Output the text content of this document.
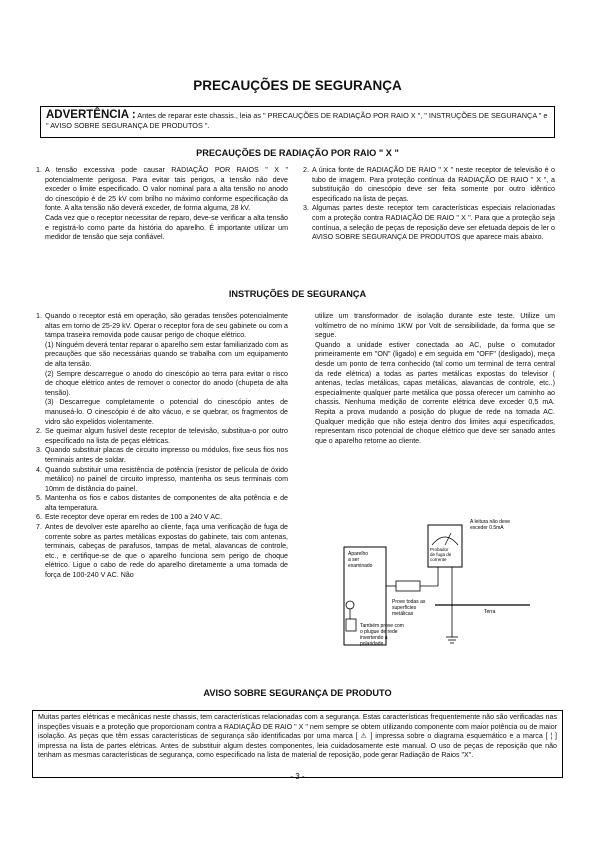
PRECAUÇÕES DE SEGURANÇA
ADVERTÊNCIA : Antes de reparar este chassis., leia as " PRECAUÇÕES DE RADIAÇÃO POR RAIO X ", " INSTRUÇÕES DE SEGURANÇA " e " AVISO SOBRE SEGURANÇA DE PRODUTOS ".
PRECAUÇÕES DE RADIAÇÃO POR RAIO " X "
1. A tensão excessiva pode causar RADIAÇÃO POR RAIOS " X " potencialmente perigosa. Para evitar tais perigos, a tensão não deve exceder o limite especificado. O valor nominal para a alta tensão no anodo do cinescópio é de 25 kV com brilho no máximo conforme especificação da fonte. A alta tensão não deverá exceder, de forma alguma, 28 kV.
Cada vez que o receptor necessitar de reparo, deve-se verificar a alta tensão e registrá-lo como parte da história do aparelho. É importante utilizar um medidor de tensão que seja confiável.
2. A única fonte de RADIAÇÃO DE RAIO " X " neste receptor de televisão é o tubo de imagem. Para proteção contínua da RADIAÇÃO DE RAIO " X ", a substituição do cinescópio deve ser feita somente por outro idêntico especificado na lista de peças.
3. Algumas partes deste receptor tem características especiais relacionadas com a proteção contra RADIAÇÃO DE RAIO " X ". Para que a proteção seja contínua, a seleção de peças de reposição deve ser efetuada depois de ler o AVISO SOBRE SEGURANÇA DE PRODUTOS que aparece mais abaixo.
INSTRUÇÕES DE SEGURANÇA
1. Quando o receptor está em operação, são geradas tensões potencialmente altas em torno de 25-29 kV. Operar o receptor fora de seu gabinete ou com a tampa traseira removida pode causar perigo de choque elétrico.
(1) Ninguém deverá tentar reparar o aparelho sem estar familiarizado com as precauções que são necessárias quando se trabalha com um equipamento de alta tensão.
(2) Sempre descarregue o anodo do cinescópio ao terra para evitar o risco de choque elétrico antes de remover o conector do anodo (chupeta de alta tensão).
(3) Descarregue completamente o potencial do cinescópio antes de manuseá-lo. O cinescópio é de alto vácuo, e se quebrar, os fragmentos de vidro são expelidos violentamente.
2. Se queimar algum fusível deste receptor de televisão, substitua-o por outro especificado na lista de peças elétricas.
3. Quando substituir placas de circuito impresso ou módulos, fixe seus fios nos terminais antes de soldar.
4. Quando substituir uma resistência de potência (resistor de película de óxido metálico) no painel de circuito impresso, mantenha os seus terminais com 10mm de distância do painel.
5. Mantenha os fios e cabos distantes de componentes de alta potência e de alta temperatura.
6. Este receptor deve operar em redes de 100 a 240 V AC.
7. Antes de devolver este aparelho ao cliente, faça uma verificação de fuga de corrente sobre as partes metálicas expostas do gabinete, tais com antenas, terminais, cabeças de parafusos, tampas de metal, alavancas de controle, etc., e certifique-se de que o aparelho funciona sem perigo de choque elétrico. Ligue o cabo de rede do aparelho diretamente a uma tomada de força de 100-240 V AC. Não
utilize um transformador de isolação durante este teste. Utilize um voltímetro de no mínimo 1KW por Volt de sensibilidade, da forma que se segue.
Quando a unidade estiver conectada ao AC, pulse o comutador primeiramente em "ON" (ligado) e em seguida em "OFF" (desligado), meça desde um ponto de terra conhecido (tal como um terminal de terra central da rede elétrica) a todas as partes metálicas expostas do televisor ( antenas, teclas metálicas, capas metálicas, alavancas de controle, etc..) especialmente qualquer parte metálica que possa oferecer um caminho ao chassis. Nenhuma medição de corrente elétrica deve exceder 0,5 mA. Repita a prova mudando a posição do plugue de rede na tomada AC. Qualquer medição que não esteja dentro dos limites aqui especificados, representam risco potencial de choque elétrico que deve ser sanado antes que o aparelho retorne ao cliente.
Aparelho a ser examinado
Prove todas as superfícies metálicas
Também prove com o plugue de rede invertendo a polaridade
Probador de fuga de corrente
A leitura não deve exceder 0.5mA
Terra
AVISO SOBRE SEGURANÇA DE PRODUTO
Muitas partes elétricas e mecânicas neste chassis, tem características relacionadas com a segurança. Estas características frequentemente não são verificadas nas inspeções visuais e a proteção que proporcionam contra a RADIAÇÃO DE RAIO " X " nem sempre se obtem utilizando componente com maior potência ou de maior isolação. As peças que têm essas características de segurança são identificadas por uma marca [ ⚠ ] impressa sobre o diagrama esquemático e a marca [ ¦ ] impressa na lista de partes elétricas. Antes de substituir algum destes componentes, leia cuidadosamente este manual. O uso de peças de reposição que não tenham as mesmas características de segurança, como especificado na lista de material de reposição, pode gerar Radiação de Raios "X".
- 3 -
